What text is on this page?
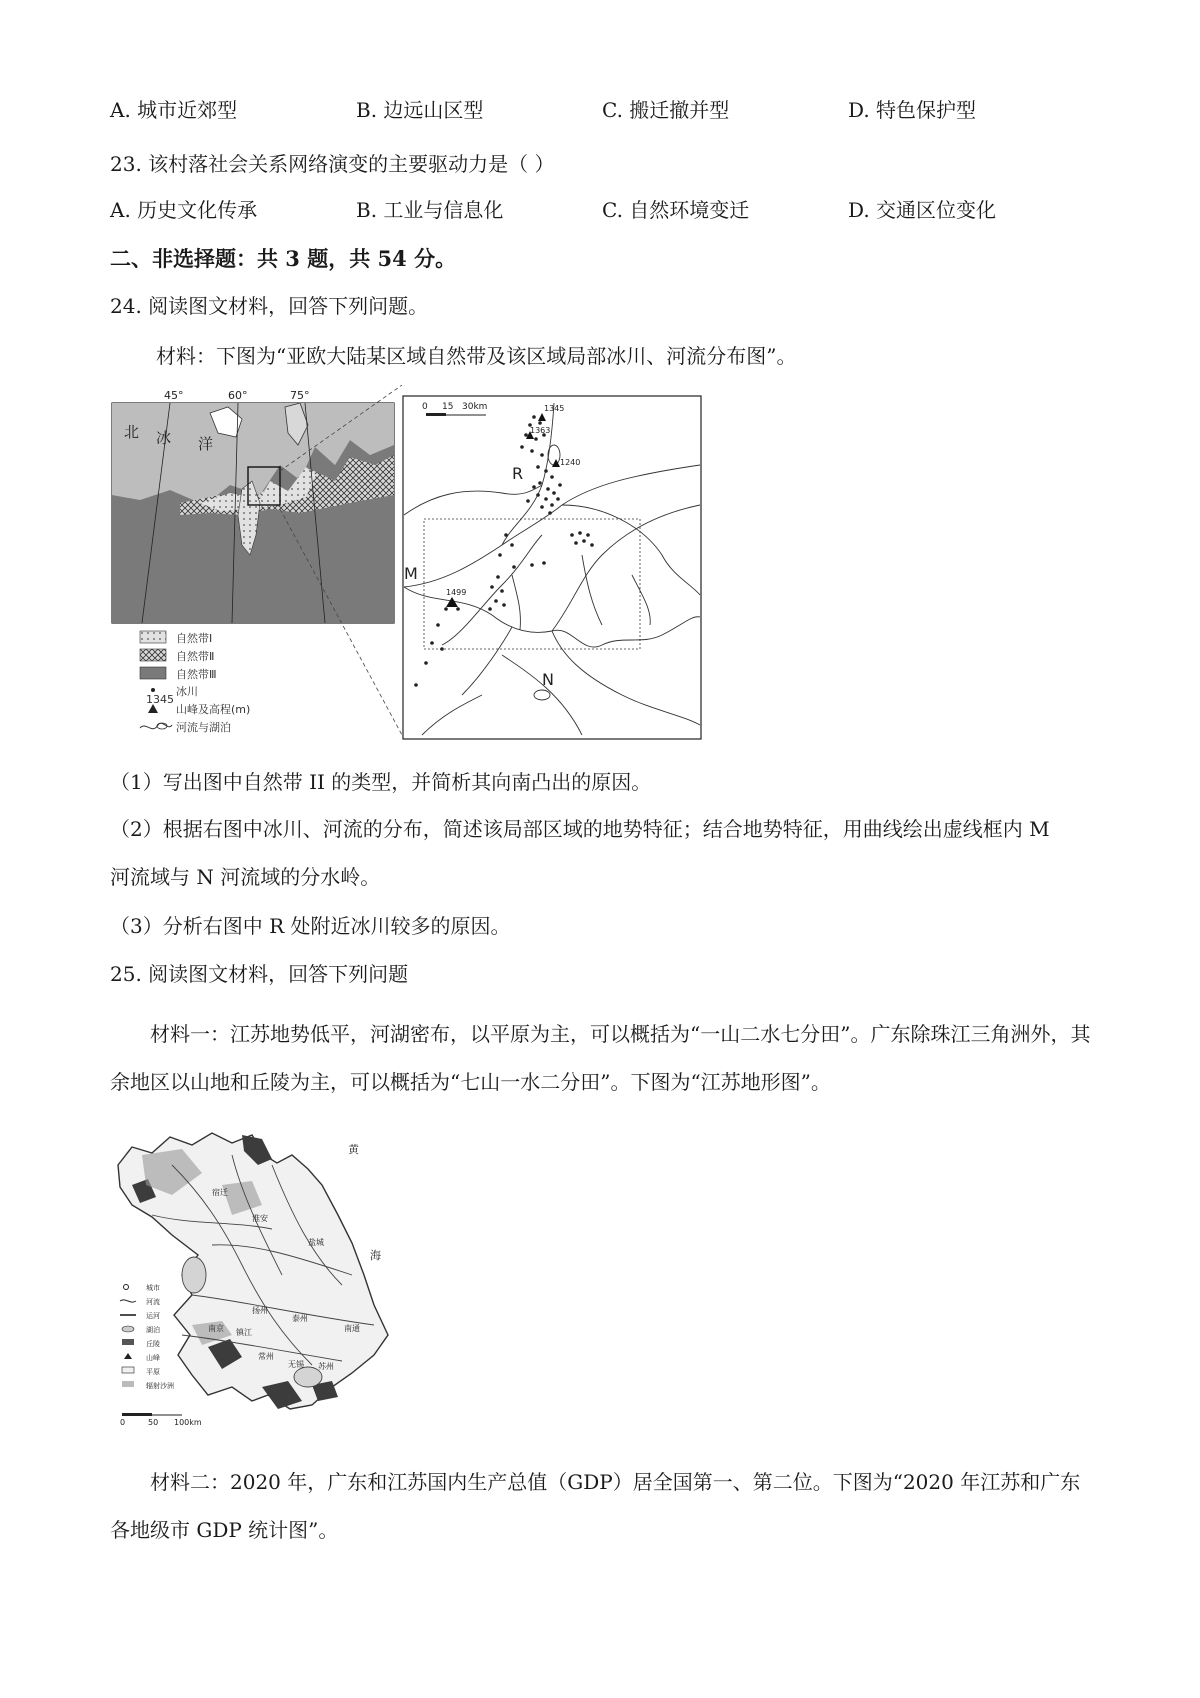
A. 城市近郊型	B. 边远山区型	C. 搬迁撤并型	D. 特色保护型
23. 该村落社会关系网络演变的主要驱动力是（ ）
A. 历史文化传承	B. 工业与信息化	C. 自然环境变迁	D. 交通区位变化
二、非选择题：共 3 题，共 54 分。
24. 阅读图文材料，回答下列问题。
材料：下图为“亚欧大陆某区域自然带及该区域局部冰川、河流分布图”。
45°	60°	75°
北 冰 洋
自然带Ⅰ
自然带Ⅱ
自然带Ⅲ
冰川
1345
山峰及高程(m)
河流与湖泊
0 15 30km	1345
1363
1240
1499
R
M
N
（1）写出图中自然带 II 的类型，并简析其向南凸出的原因。
（2）根据右图中冰川、河流的分布，简述该局部区域的地势特征；结合地势特征，用曲线绘出虚线框内 M
河流域与 N 河流域的分水岭。
（3）分析右图中 R 处附近冰川较多的原因。
25. 阅读图文材料，回答下列问题
材料一：江苏地势低平，河湖密布，以平原为主，可以概括为“一山二水七分田”。广东除珠江三角洲外，其余地区以山地和丘陵为主，可以概括为“七山一水二分田”。下图为“江苏地形图”。
黄
海
宿迁
淮安
盐城
扬州
泰州
南通
南京 镇江
常州
无锡 苏州
城市
河流
运河
湖泊
丘陵
山峰
平原
辐射沙洲
0	50 100km
材料二：2020 年，广东和江苏国内生产总值（GDP）居全国第一、第二位。下图为“2020 年江苏和广东各地级市 GDP 统计图”。
